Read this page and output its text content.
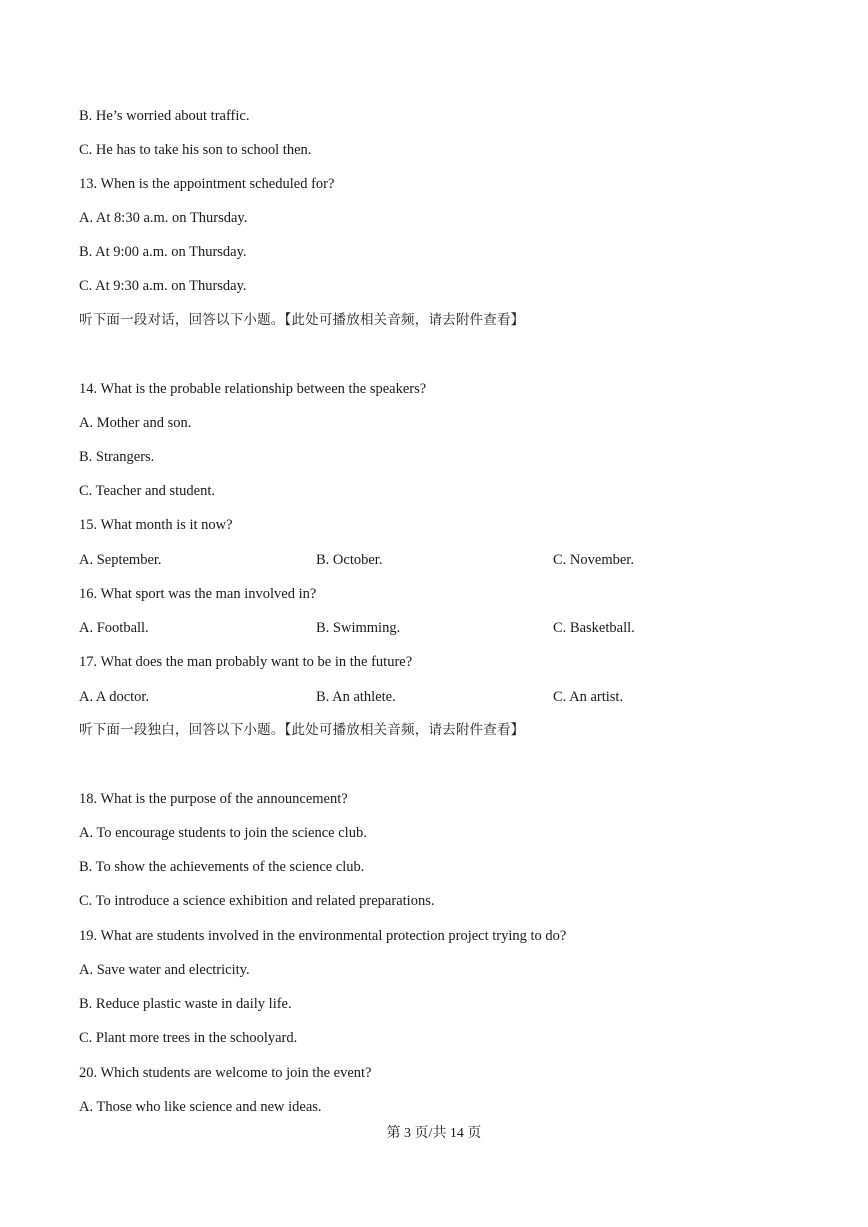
B. He’s worried about traffic.
C. He has to take his son to school then.
13. When is the appointment scheduled for?
A. At 8:30 a.m. on Thursday.
B. At 9:00 a.m. on Thursday.
C. At 9:30 a.m. on Thursday.
听下面一段对话，回答以下小题。【此处可播放相关音频，请去附件查看】
14. What is the probable relationship between the speakers?
A. Mother and son.
B. Strangers.
C. Teacher and student.
15. What month is it now?
A. September.	B. October.	C. November.
16. What sport was the man involved in?
A. Football.	B. Swimming.	C. Basketball.
17. What does the man probably want to be in the future?
A. A doctor.	B. An athlete.	C. An artist.
听下面一段独白，回答以下小题。【此处可播放相关音频，请去附件查看】
18. What is the purpose of the announcement?
A. To encourage students to join the science club.
B. To show the achievements of the science club.
C. To introduce a science exhibition and related preparations.
19. What are students involved in the environmental protection project trying to do?
A. Save water and electricity.
B. Reduce plastic waste in daily life.
C. Plant more trees in the schoolyard.
20. Which students are welcome to join the event?
A. Those who like science and new ideas.
第 3 页/共 14 页
